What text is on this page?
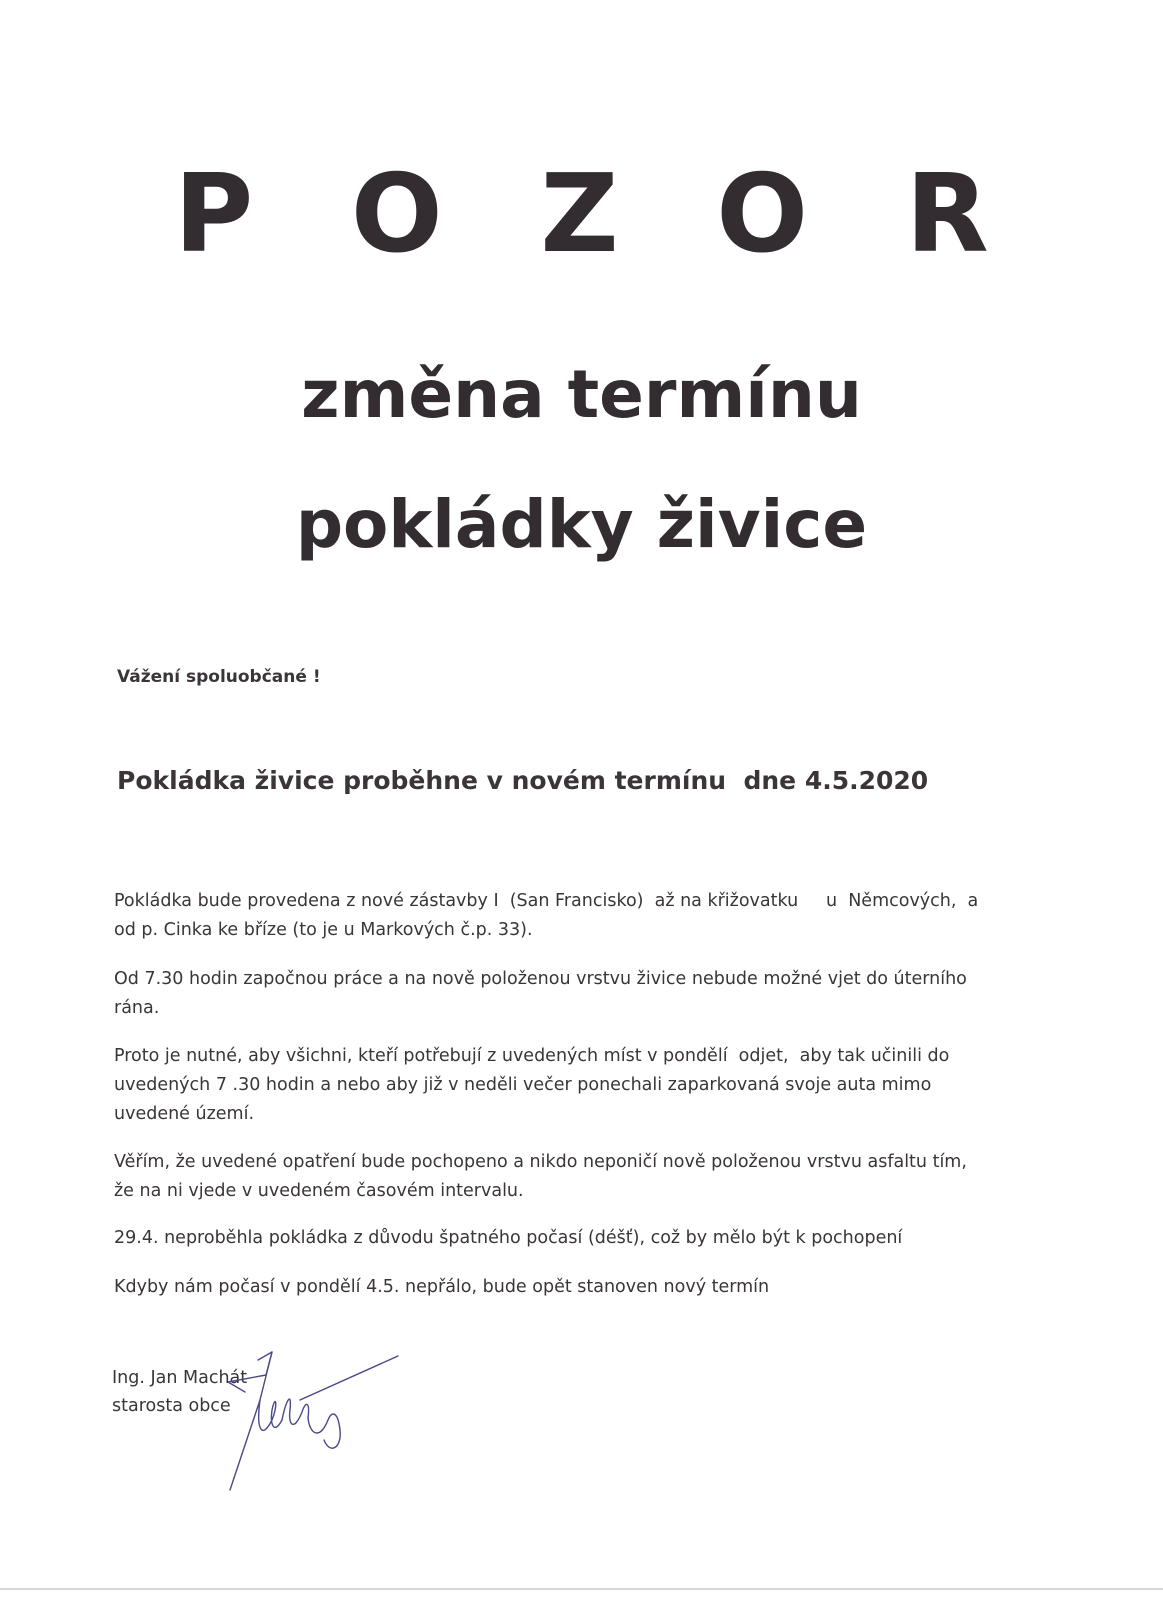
P O Z O R
změna termínu
pokládky živice
Vážení spoluobčané !
Pokládka živice proběhne v novém termínu  dne 4.5.2020

Pokládka bude provedena z nové zástavby I  (San Francisko)  až na křižovatku     u  Němcových,  a od p. Cinka ke bříze (to je u Markových č.p. 33).

Od 7.30 hodin započnou práce a na nově položenou vrstvu živice nebude možné vjet do úterního rána.

Proto je nutné, aby všichni, kteří potřebují z uvedených míst v pondělí  odjet,  aby tak učinili do uvedených 7 .30 hodin a nebo aby již v neděli večer ponechali zaparkovaná svoje auta mimo uvedené území.

Věřím, že uvedené opatření bude pochopeno a nikdo neponičí nově položenou vrstvu asfaltu tím, že na ni vjede v uvedeném časovém intervalu.

29.4. neproběhla pokládka z důvodu špatného počasí (déšť), což by mělo být k pochopení

Kdyby nám počasí v pondělí 4.5. nepřálo, bude opět stanoven nový termín

Ing. Jan Machát
starosta obce
